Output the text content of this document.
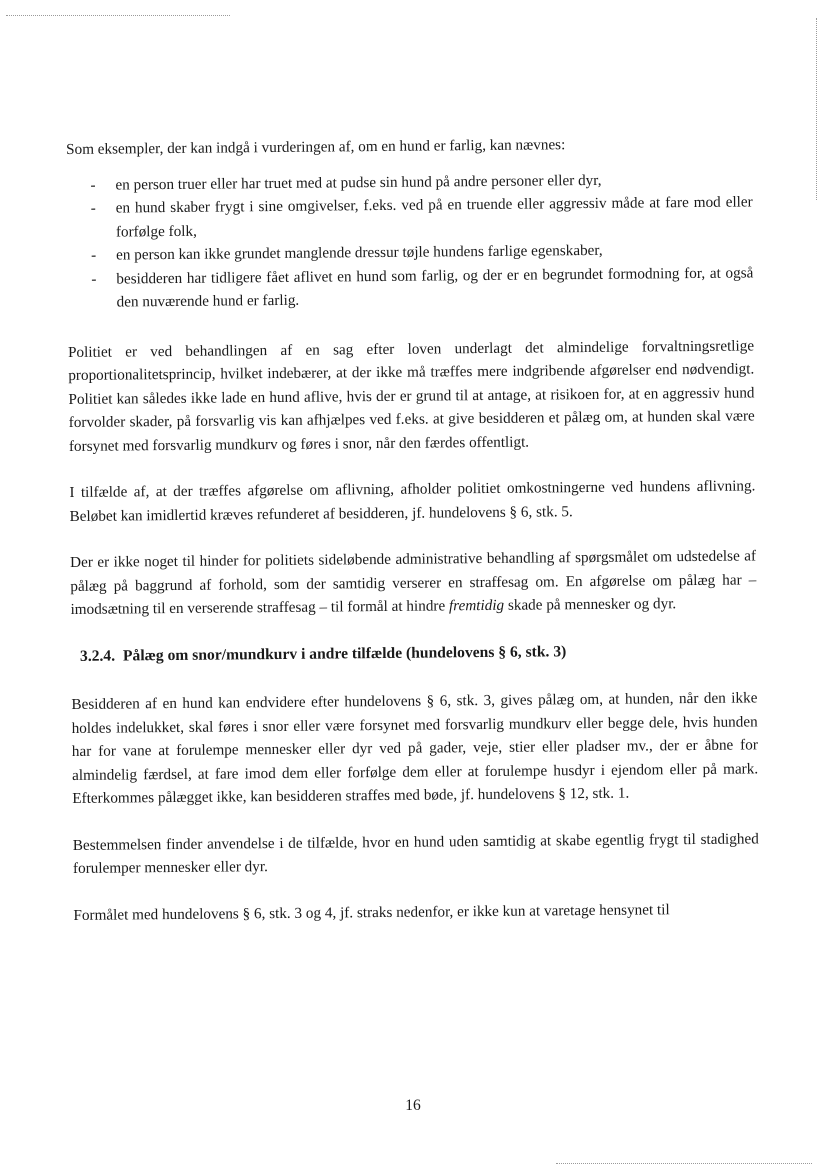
Som eksempler, der kan indgå i vurderingen af, om en hund er farlig, kan nævnes:

- en person truer eller har truet med at pudse sin hund på andre personer eller dyr,
- en hund skaber frygt i sine omgivelser, f.eks. ved på en truende eller aggressiv måde at fare mod eller forfølge folk,
- en person kan ikke grundet manglende dressur tøjle hundens farlige egenskaber,
- besidderen har tidligere fået aflivet en hund som farlig, og der er en begrundet formodning for, at også den nuværende hund er farlig.

Politiet er ved behandlingen af en sag efter loven underlagt det almindelige forvaltningsretlige proportionalitetsprincip, hvilket indebærer, at der ikke må træffes mere indgribende afgørelser end nødvendigt. Politiet kan således ikke lade en hund aflive, hvis der er grund til at antage, at risikoen for, at en aggressiv hund forvolder skader, på forsvarlig vis kan afhjælpes ved f.eks. at give besidderen et pålæg om, at hunden skal være forsynet med forsvarlig mundkurv og føres i snor, når den færdes offentligt.

I tilfælde af, at der træffes afgørelse om aflivning, afholder politiet omkostningerne ved hundens aflivning. Beløbet kan imidlertid kræves refunderet af besidderen, jf. hundelovens § 6, stk. 5.

Der er ikke noget til hinder for politiets sideløbende administrative behandling af spørgsmålet om udstedelse af pålæg på baggrund af forhold, som der samtidig verserer en straffesag om. En afgørelse om pålæg har – imodsætning til en verserende straffesag – til formål at hindre fremtidig skade på mennesker og dyr.

3.2.4. Pålæg om snor/mundkurv i andre tilfælde (hundelovens § 6, stk. 3)

Besidderen af en hund kan endvidere efter hundelovens § 6, stk. 3, gives pålæg om, at hunden, når den ikke holdes indelukket, skal føres i snor eller være forsynet med forsvarlig mundkurv eller begge dele, hvis hunden har for vane at forulempe mennesker eller dyr ved på gader, veje, stier eller pladser mv., der er åbne for almindelig færdsel, at fare imod dem eller forfølge dem eller at forulempe husdyr i ejendom eller på mark. Efterkommes pålægget ikke, kan besidderen straffes med bøde, jf. hundelovens § 12, stk. 1.

Bestemmelsen finder anvendelse i de tilfælde, hvor en hund uden samtidig at skabe egentlig frygt til stadighed forulemper mennesker eller dyr.

Formålet med hundelovens § 6, stk. 3 og 4, jf. straks nedenfor, er ikke kun at varetage hensynet til

16
